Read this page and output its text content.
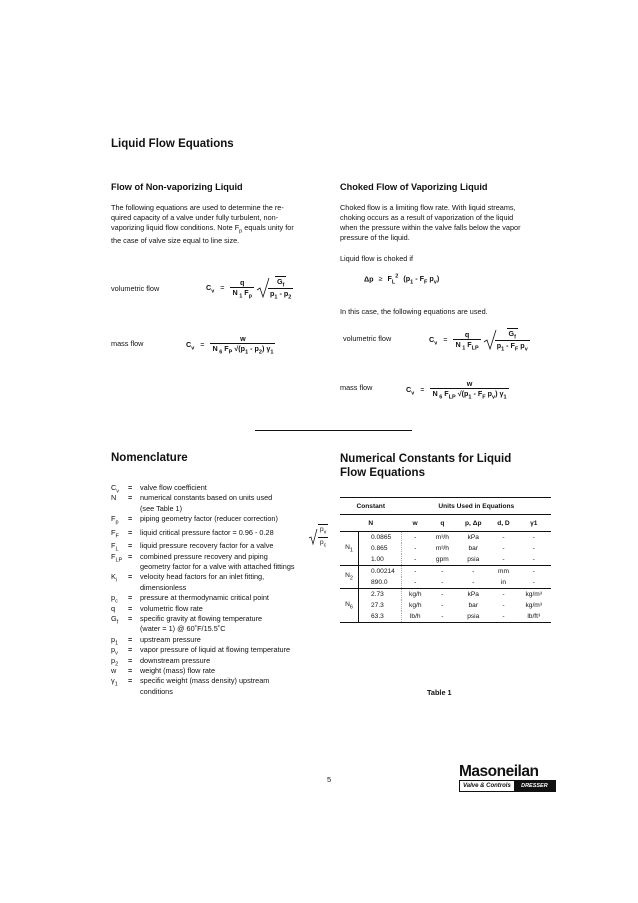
Liquid Flow Equations
Flow of Non-vaporizing Liquid
The following equations are used to determine the re-
quired capacity of a valve under fully turbulent, non-
vaporizing liquid flow conditions. Note $F_p$ equals unity for
the case of valve size equal to line size.
volumetric flow	$C_v = \frac{q}{N _1 F_p}$
$\frac{G_f}{p_1 - p_2}$
mass flow	$C_v = \frac{w}{N _6 F_P √(p_1 - p_2) \gamma_1}$
Choked Flow of Vaporizing Liquid
Choked flow is a limiting flow rate. With liquid streams,
choking occurs as a result of vaporization of the liquid
when the pressure within the valve falls below the vapor
pressure of the liquid.
Liquid flow is choked if
$\Delta p \ge F_L^2$ ($p_1 - F_F$ $p_v$)
In this case, the following equations are used.
volumetric flow	$C_v = \frac{q}{N _1 F_{LP}}$
$\frac{G_f}{p_1 - F_F p_v}$
mass flow	$C_v = \frac{w}{N _6 F_{LP} √(p_1 - F_F p_v) \gamma_1}$
Nomenclature
$C_v$	= valve flow coefficient
N	= numerical constants based on units used
(see Table 1)
$F_p$	= piping geometry factor (reducer correction)
$F_F$	= liquid critical pressure factor = 0.96 - 0.28	$\frac{p_v}{p_c}$
$F_L$	= liquid pressure recovery factor for a valve
$F_{LP}$ = combined pressure recovery and piping
geometry factor for a valve with attached fittings
$K_i$	= velocity head factors for an inlet fitting,
dimensionless
$p_c$	= pressure at thermodynamic critical point
q	= volumetric flow rate
$G_f$	= specific gravity at flowing temperature
(water = 1) @ 60˚F/15.5˚C
$p_1$	= upstream pressure
$p_v$	= vapor pressure of liquid at flowing temperature
$p_2$	= downstream pressure
w	= weight (mass) flow rate
$\gamma_1$	= specific weight (mass density) upstream
conditions
Numerical Constants for Liquid
Flow Equations
Constant		Units Used in Equations				
N		w	q	p, Δp	d, D	γ1
$N_1$	0.0865	-	m³/h	kPa	-	-
	0.865	-	m³/h	bar	-	-
	1.00	-	gpm	psia	-	-
$N_2$	0.00214	-	-	-	mm	-
	890.0	-	-	-	in	-
$N_6$	2.73	kg/h	-	kPa	-	kg/m³
	27.3	kg/h	-	bar	-	kg/m³
	63.3	lb/h	-	psia	-	lb/ft³
Table 1
5	Masoneilan
Valve & Controls	DRESSER
